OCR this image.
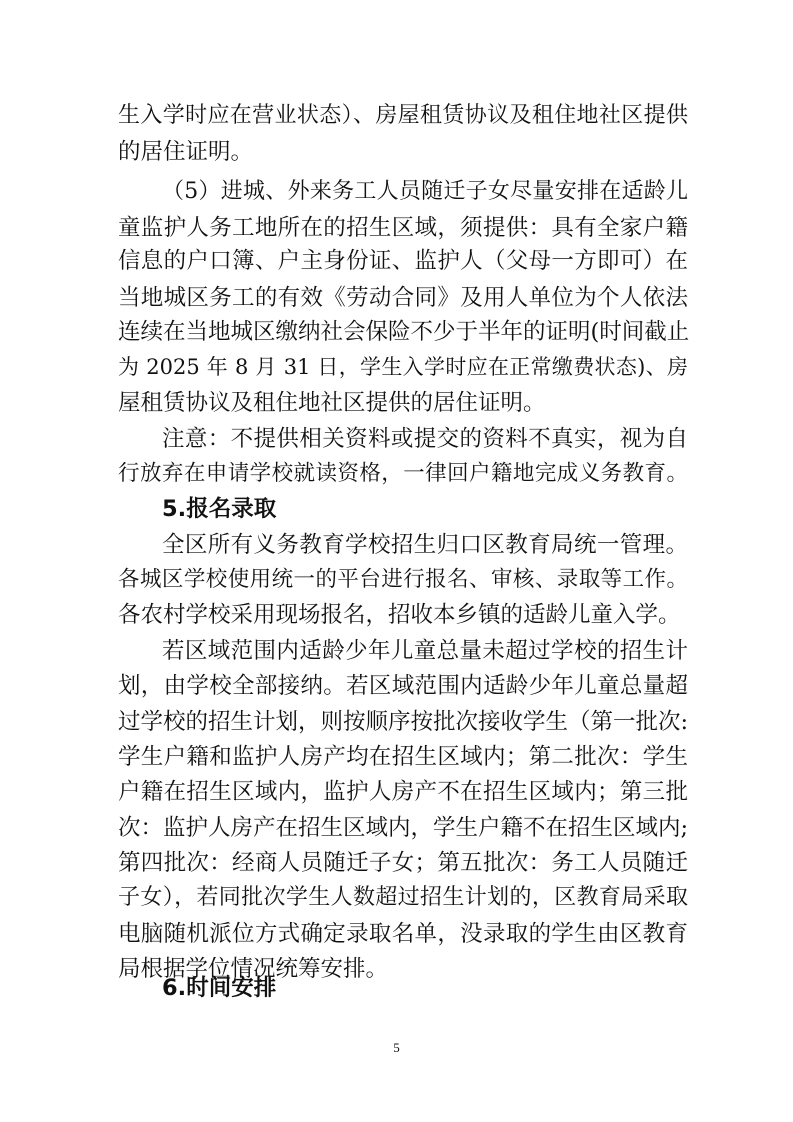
生入学时应在营业状态）、房屋租赁协议及租住地社区提供
的居住证明。
（5）进城、外来务工人员随迁子女尽量安排在适龄儿
童监护人务工地所在的招生区域，须提供：具有全家户籍
信息的户口簿、户主身份证、监护人（父母一方即可）在
当地城区务工的有效《劳动合同》及用人单位为个人依法
连续在当地城区缴纳社会保险不少于半年的证明(时间截止
为 2025 年 8 月 31 日，学生入学时应在正常缴费状态)、房
屋租赁协议及租住地社区提供的居住证明。
注意：不提供相关资料或提交的资料不真实，视为自
行放弃在申请学校就读资格，一律回户籍地完成义务教育。
5.报名录取
全区所有义务教育学校招生归口区教育局统一管理。
各城区学校使用统一的平台进行报名、审核、录取等工作。
各农村学校采用现场报名，招收本乡镇的适龄儿童入学。
若区域范围内适龄少年儿童总量未超过学校的招生计
划，由学校全部接纳。若区域范围内适龄少年儿童总量超
过学校的招生计划，则按顺序按批次接收学生（第一批次:
学生户籍和监护人房产均在招生区域内；第二批次：学生
户籍在招生区域内，监护人房产不在招生区域内；第三批
次：监护人房产在招生区域内，学生户籍不在招生区域内;
第四批次：经商人员随迁子女；第五批次：务工人员随迁
子女），若同批次学生人数超过招生计划的，区教育局采取
电脑随机派位方式确定录取名单，没录取的学生由区教育
局根据学位情况统筹安排。
6.时间安排
5
